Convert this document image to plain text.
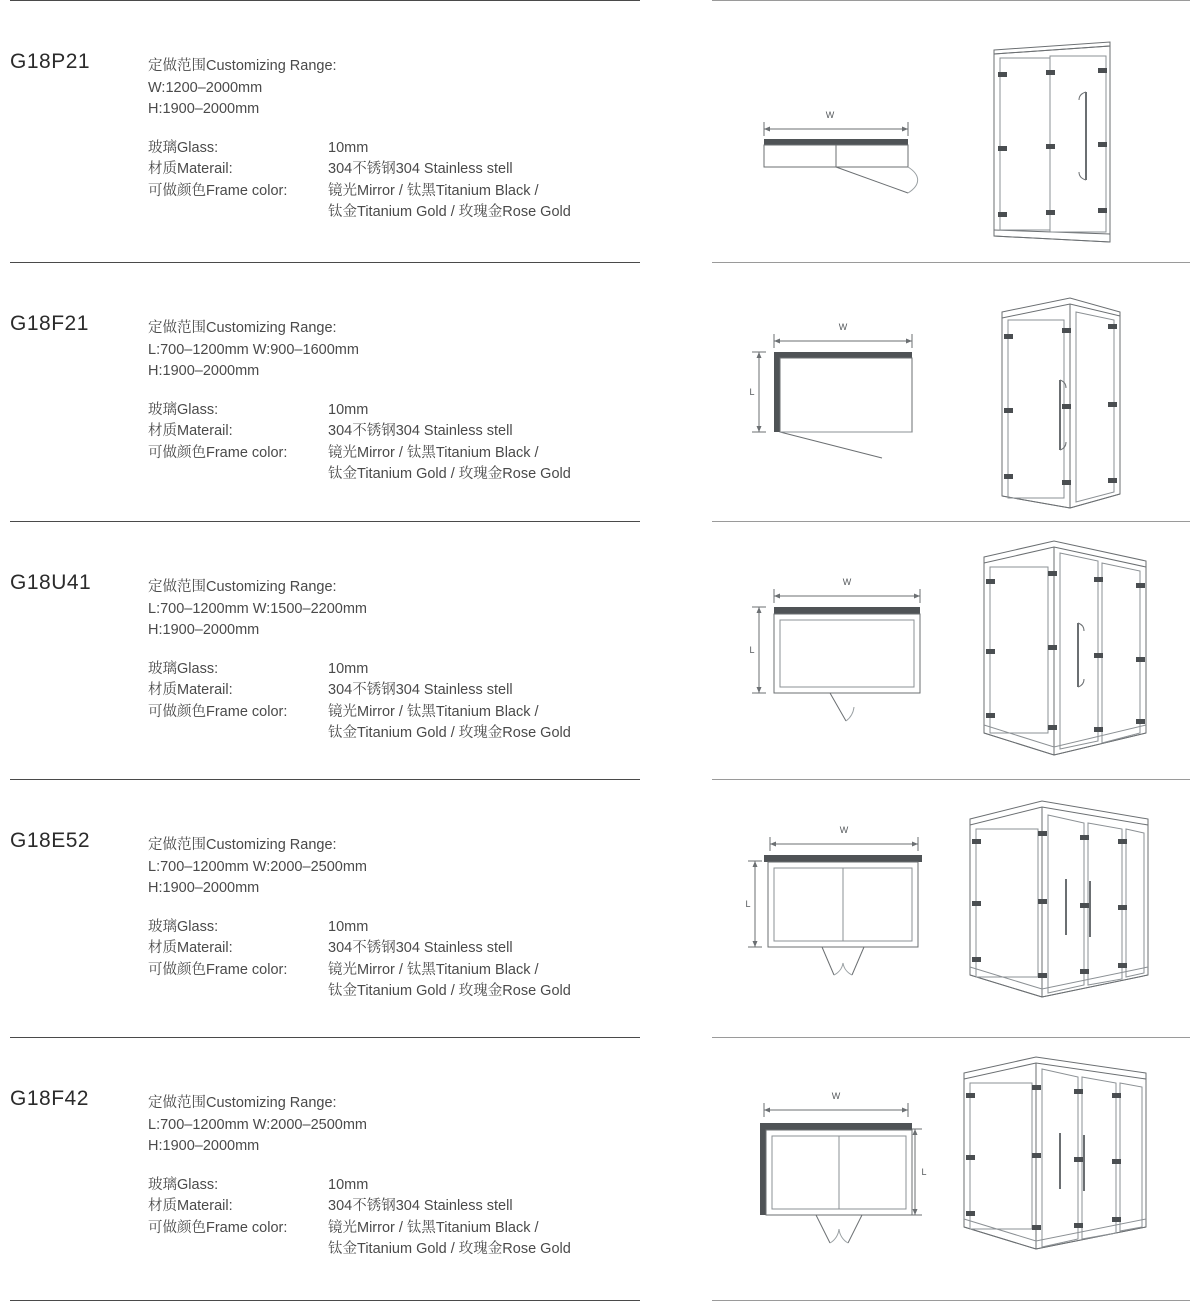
G18P21	定做范围Customizing Range:
W:1200–2000mm
H:1900–2000mm
玻璃Glass:	10mm
材质Materail:	304不锈钢304 Stainless stell
可做颜色Frame color:	镜光Mirror / 钛黑Titanium Black /
钛金Titanium Gold / 玫瑰金Rose Gold
W
G18F21	定做范围Customizing Range:
L:700–1200mm W:900–1600mm
H:1900–2000mm
玻璃Glass:	10mm
材质Materail:	304不锈钢304 Stainless stell
可做颜色Frame color:	镜光Mirror / 钛黑Titanium Black /
钛金Titanium Gold / 玫瑰金Rose Gold
W
L
G18U41	定做范围Customizing Range:
L:700–1200mm W:1500–2200mm
H:1900–2000mm
玻璃Glass:	10mm
材质Materail:	304不锈钢304 Stainless stell
可做颜色Frame color:	镜光Mirror / 钛黑Titanium Black /
钛金Titanium Gold / 玫瑰金Rose Gold
W
L
G18E52	定做范围Customizing Range:
L:700–1200mm W:2000–2500mm
H:1900–2000mm
玻璃Glass:	10mm
材质Materail:	304不锈钢304 Stainless stell
可做颜色Frame color:	镜光Mirror / 钛黑Titanium Black /
钛金Titanium Gold / 玫瑰金Rose Gold
W
L
G18F42	定做范围Customizing Range:
L:700–1200mm W:2000–2500mm
H:1900–2000mm
玻璃Glass:	10mm
材质Materail:	304不锈钢304 Stainless stell
可做颜色Frame color:	镜光Mirror / 钛黑Titanium Black /
钛金Titanium Gold / 玫瑰金Rose Gold
W
L
